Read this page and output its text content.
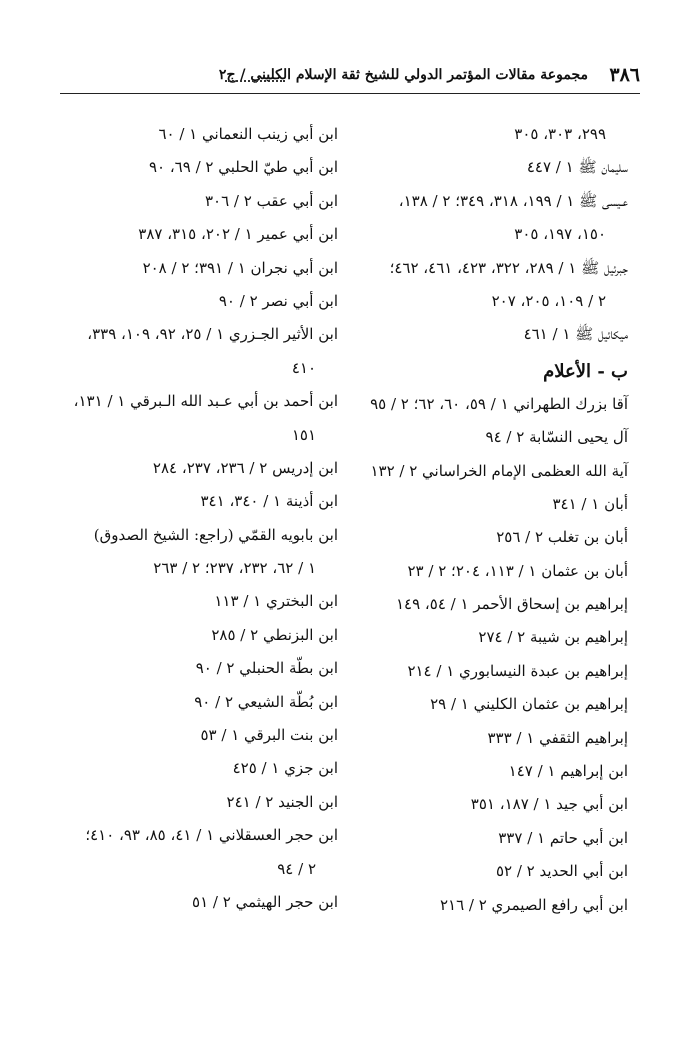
٣٨٦
مجموعة مقالات المؤتمر الدولي للشيخ ثقة الإسلام الكليني / ج٢
٢٩٩، ٣٠٣، ٣٠٥
سليمان ﷺ ١ / ٤٤٧
عـيسى ﷺ ١ / ١٩٩، ٣١٨، ٣٤٩؛ ٢ / ١٣٨،
١٥٠، ١٩٧، ٣٠٥
جبرئيل ﷺ ١ / ٢٨٩، ٣٢٢، ٤٢٣، ٤٦١، ٤٦٢؛
٢ / ١٠٩، ٢٠٥، ٢٠٧
ميكائيل ﷺ ١ / ٤٦١
ب - الأعلام
آقا بزرك الطهراني ١ / ٥٩، ٦٠، ٦٢؛ ٢ / ٩٥
آل يحيى النسّابة ٢ / ٩٤
آية الله العظمى الإمام الخراساني ٢ / ١٣٢
أبان ١ / ٣٤١
أبان بن تغلب ٢ / ٢٥٦
أبان بن عثمان ١ / ١١٣، ٢٠٤؛ ٢ / ٢٣
إبراهيم بن إسحاق الأحمر ١ / ٥٤، ١٤٩
إبراهيم بن شيبة ٢ / ٢٧٤
إبراهيم بن عبدة النيسابوري ١ / ٢١٤
إبراهيم بن عثمان الكليني ١ / ٢٩
إبراهيم الثقفي ١ / ٣٣٣
ابن إبراهيم ١ / ١٤٧
ابن أبي جيد ١ / ١٨٧، ٣٥١
ابن أبي حاتم ١ / ٣٣٧
ابن أبي الحديد ٢ / ٥٢
ابن أبي رافع الصيمري ٢ / ٢١٦
ابن أبي زينب النعماني ١ / ٦٠
ابن أبي طيّ الحلبي ٢ / ٦٩، ٩٠
ابن أبي عقب ٢ / ٣٠٦
ابن أبي عمير ١ / ٢٠٢، ٣١٥، ٣٨٧
ابن أبي نجران ١ / ٣٩١؛ ٢ / ٢٠٨
ابن أبي نصر ٢ / ٩٠
ابن الأثير الجـزري ١ / ٢٥، ٩٢، ١٠٩، ٣٣٩،
٤١٠
ابن أحمد بن أبي عـبد الله الـبرقي ١ / ١٣١،
١٥١
ابن إدريس ٢ / ٢٣٦، ٢٣٧، ٢٨٤
ابن أذينة ١ / ٣٤٠، ٣٤١
ابن بابويه القمّي (راجع: الشيخ الصدوق)
١ / ٦٢، ٢٣٢، ٢٣٧؛ ٢ / ٢٦٣
ابن البختري ١ / ١١٣
ابن البزنطي ٢ / ٢٨٥
ابن بطّة الحنبلي ٢ / ٩٠
ابن بُطّة الشيعي ٢ / ٩٠
ابن بنت البرقي ١ / ٥٣
ابن جزي ١ / ٤٢٥
ابن الجنيد ٢ / ٢٤١
ابن حجر العسقلاني ١ / ٤١، ٨٥، ٩٣، ٤١٠؛
٢ / ٩٤
ابن حجر الهيثمي ٢ / ٥١
